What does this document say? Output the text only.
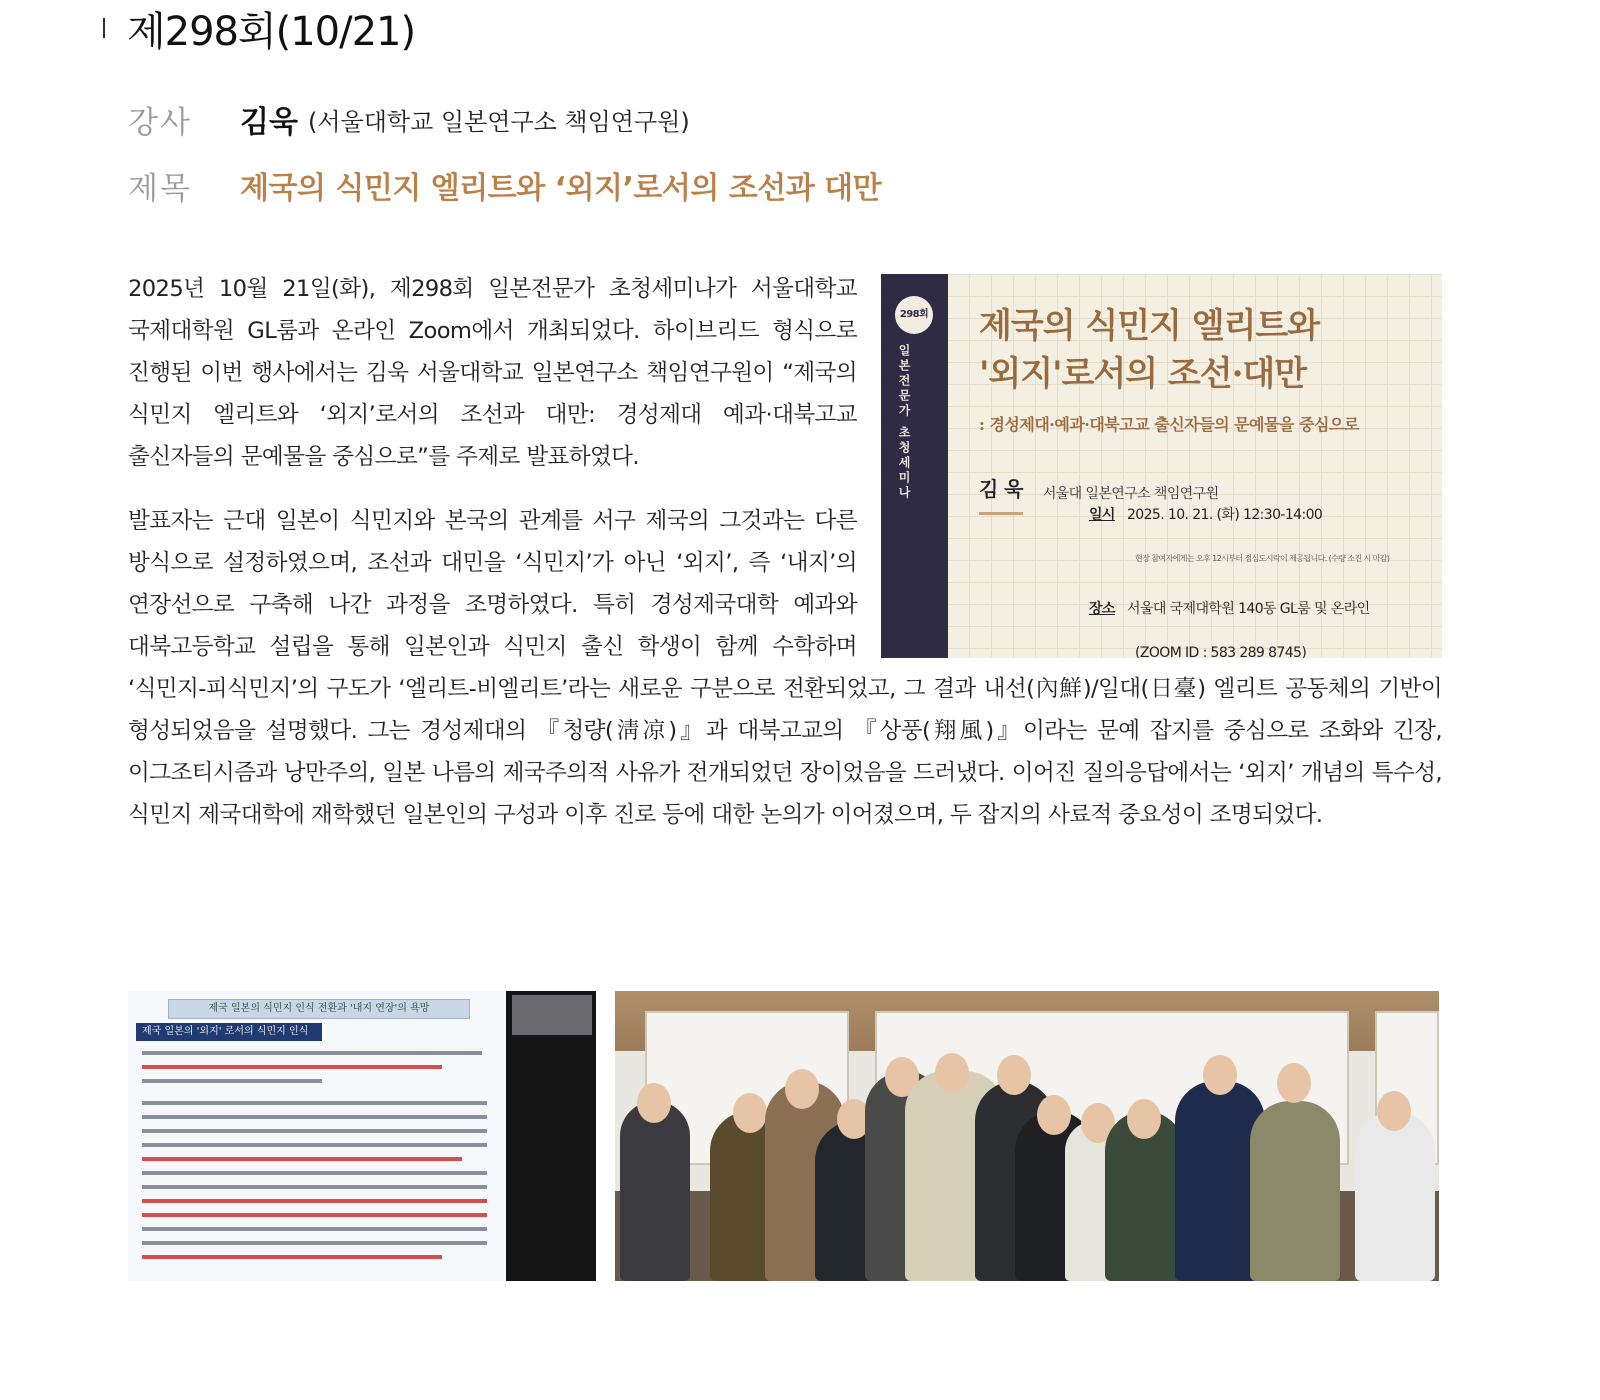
제298회(10/21)
강사	김욱 (서울대학교 일본연구소 책임연구원)
제목	제국의 식민지 엘리트와 ‘외지’로서의 조선과 대만
298회
일본전문가 초청세미나
제국의 식민지 엘리트와
'외지'로서의 조선·대만
: 경성제대·예과·대북고교 출신자들의 문예물을 중심으로
김 욱 서울대 일본연구소 책임연구원
일시 2025. 10. 21. (화) 12:30-14:00
현장 참여자에게는 오후 12시부터 점심도시락이 제공됩니다. (수량 소진 시 마감)
장소 서울대 국제대학원 140동 GL룸 및 온라인
(ZOOM ID : 583 289 8745)

2025년 10월 21일(화), 제298회 일본전문가 초청세미나가 서울대학교 국제대학원 GL룸과 온라인 Zoom에서 개최되었다. 하이브리드 형식으로 진행된 이번 행사에서는 김욱 서울대학교 일본연구소 책임연구원이 “제국의 식민지 엘리트와 ‘외지’로서의 조선과 대만: 경성제대 예과·대북고교 출신자들의 문예물을 중심으로”를 주제로 발표하였다.

발표자는 근대 일본이 식민지와 본국의 관계를 서구 제국의 그것과는 다른 방식으로 설정하였으며, 조선과 대민을 ‘식민지’가 아닌 ‘외지’, 즉 ‘내지’의 연장선으로 구축해 나간 과정을 조명하였다. 특히 경성제국대학 예과와 대북고등학교 설립을 통해 일본인과 식민지 출신 학생이 함께 수학하며 ‘식민지-피식민지’의 구도가 ‘엘리트-비엘리트’라는 새로운 구분으로 전환되었고, 그 결과 내선(內鮮)/일대(日臺) 엘리트 공동체의 기반이 형성되었음을 설명했다. 그는 경성제대의 『청량(淸凉)』과 대북고교의 『상풍(翔風)』이라는 문예 잡지를 중심으로 조화와 긴장, 이그조티시즘과 낭만주의, 일본 나름의 제국주의적 사유가 전개되었던 장이었음을 드러냈다. 이어진 질의응답에서는 ‘외지’ 개념의 특수성, 식민지 제국대학에 재학했던 일본인의 구성과 이후 진로 등에 대한 논의가 이어졌으며, 두 잡지의 사료적 중요성이 조명되었다.

제국 일본의 식민지 인식 전환과 '내지 연장'의 욕망
제국 일본의 '외지' 로서의 식민지 인식
